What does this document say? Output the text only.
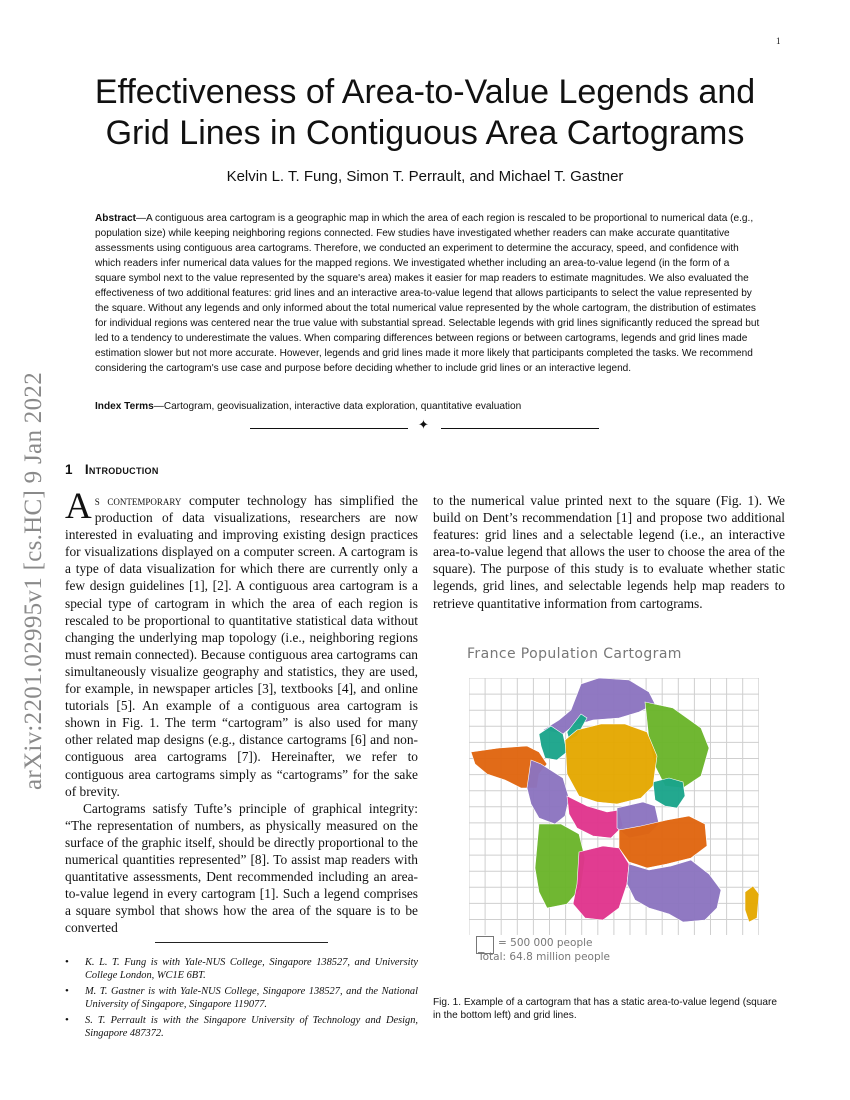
1
arXiv:2201.02995v1 [cs.HC] 9 Jan 2022
Effectiveness of Area-to-Value Legends and Grid Lines in Contiguous Area Cartograms
Kelvin L. T. Fung, Simon T. Perrault, and Michael T. Gastner

Abstract—A contiguous area cartogram is a geographic map in which the area of each region is rescaled to be proportional to numerical data (e.g., population size) while keeping neighboring regions connected. Few studies have investigated whether readers can make accurate quantitative assessments using contiguous area cartograms. Therefore, we conducted an experiment to determine the accuracy, speed, and confidence with which readers infer numerical data values for the mapped regions. We investigated whether including an area-to-value legend (in the form of a square symbol next to the value represented by the square's area) makes it easier for map readers to estimate magnitudes. We also evaluated the effectiveness of two additional features: grid lines and an interactive area-to-value legend that allows participants to select the value represented by the square. Without any legends and only informed about the total numerical value represented by the whole cartogram, the distribution of estimates for individual regions was centered near the true value with substantial spread. Selectable legends with grid lines significantly reduced the spread but led to a tendency to underestimate the values. When comparing differences between regions or between cartograms, legends and grid lines made estimation slower but not more accurate. However, legends and grid lines made it more likely that participants completed the tasks. We recommend considering the cartogram's use case and purpose before deciding whether to include grid lines or an interactive legend.

Index Terms—Cartogram, geovisualization, interactive data exploration, quantitative evaluation

✦
1 Introduction

As contemporary computer technology has simplified the production of data visualizations, researchers are now interested in evaluating and improving existing design practices for visualizations displayed on a computer screen. A cartogram is a type of data visualization for which there are currently only a few design guidelines [1], [2]. A contiguous area cartogram is a special type of cartogram in which the area of each region is rescaled to be proportional to quantitative statistical data without changing the underlying map topology (i.e., neighboring regions must remain connected). Because contiguous area cartograms can simultaneously visualize geography and statistics, they are used, for example, in newspaper articles [3], textbooks [4], and online tutorials [5]. An example of a contiguous area cartogram is shown in Fig. 1. The term “cartogram” is also used for many other related map designs (e.g., distance cartograms [6] and non-contiguous area cartograms [7]). Hereinafter, we refer to contiguous area cartograms simply as “cartograms” for the sake of brevity.

Cartograms satisfy Tufte’s principle of graphical integrity: “The representation of numbers, as physically measured on the surface of the graphic itself, should be directly proportional to the numerical quantities represented” [8]. To assist map readers with quantitative assessments, Dent recommended including an area-to-value legend in every cartogram [1]. Such a legend comprises a square symbol that shows how the area of the square is to be converted

to the numerical value printed next to the square (Fig. 1). We build on Dent’s recommendation [1] and propose two additional features: grid lines and a selectable legend (i.e., an interactive area-to-value legend that allows the user to choose the area of the square). The purpose of this study is to evaluate whether static legends, grid lines, and selectable legends help map readers to retrieve quantitative information from cartograms.

• K. L. T. Fung is with Yale-NUS College, Singapore 138527, and University College London, WC1E 6BT.
• M. T. Gastner is with Yale-NUS College, Singapore 138527, and the National University of Singapore, Singapore 119077.
• S. T. Perrault is with the Singapore University of Technology and Design, Singapore 487372.
France Population Cartogram
= 500 000 people
Total: 64.8 million people

Fig. 1. Example of a cartogram that has a static area-to-value legend (square in the bottom left) and grid lines.
